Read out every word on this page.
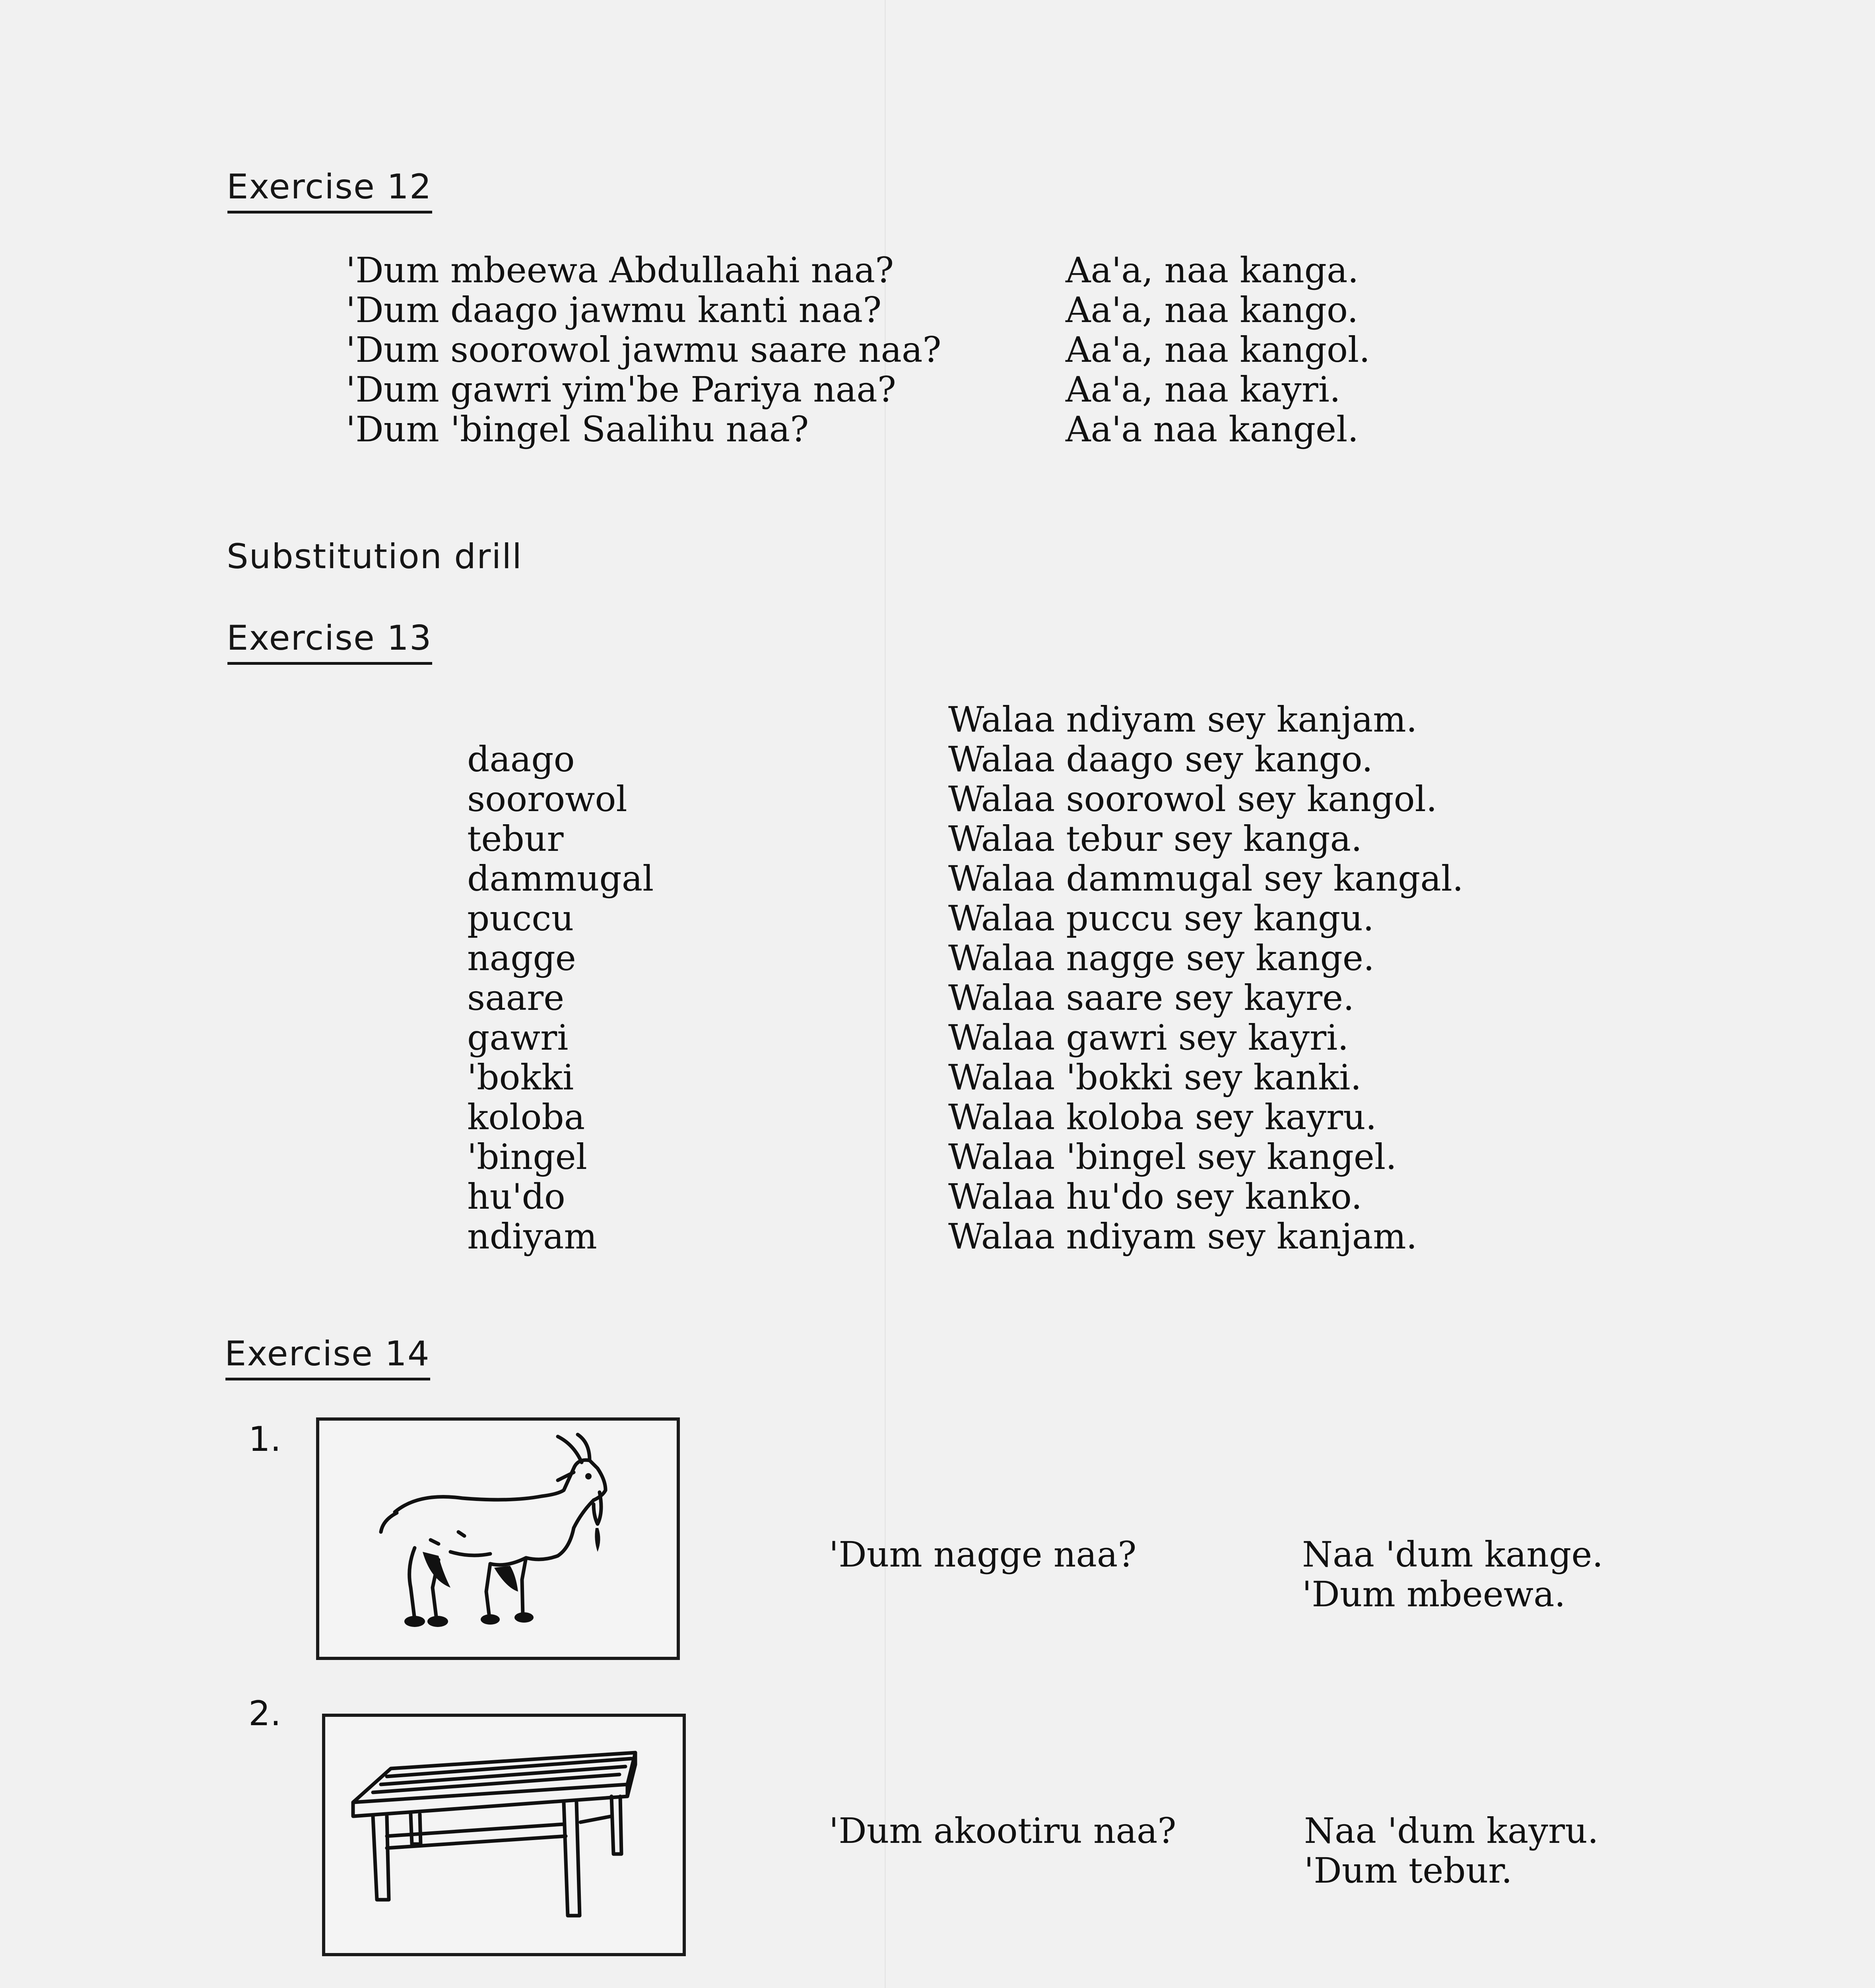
Exercise 12
'Dum mbeewa Abdullaahi naa?
'Dum daago jawmu kanti naa?
'Dum soorowol jawmu saare naa?
'Dum gawri yim'be Pariya naa?
'Dum 'bingel Saalihu naa?
Aa'a, naa kanga.
Aa'a, naa kango.
Aa'a, naa kangol.
Aa'a, naa kayri.
Aa'a naa kangel.
Substitution drill
Exercise 13
daago
soorowol
tebur
dammugal
puccu
nagge
saare
gawri
'bokki
koloba
'bingel
hu'do
ndiyam
Walaa ndiyam sey kanjam.
Walaa daago sey kango.
Walaa soorowol sey kangol.
Walaa tebur sey kanga.
Walaa dammugal sey kangal.
Walaa puccu sey kangu.
Walaa nagge sey kange.
Walaa saare sey kayre.
Walaa gawri sey kayri.
Walaa 'bokki sey kanki.
Walaa koloba sey kayru.
Walaa 'bingel sey kangel.
Walaa hu'do sey kanko.
Walaa ndiyam sey kanjam.
Exercise 14
1.
'Dum nagge naa?	Naa 'dum kange.
'Dum mbeewa.
2.
'Dum akootiru naa?	Naa 'dum kayru.
'Dum tebur.
